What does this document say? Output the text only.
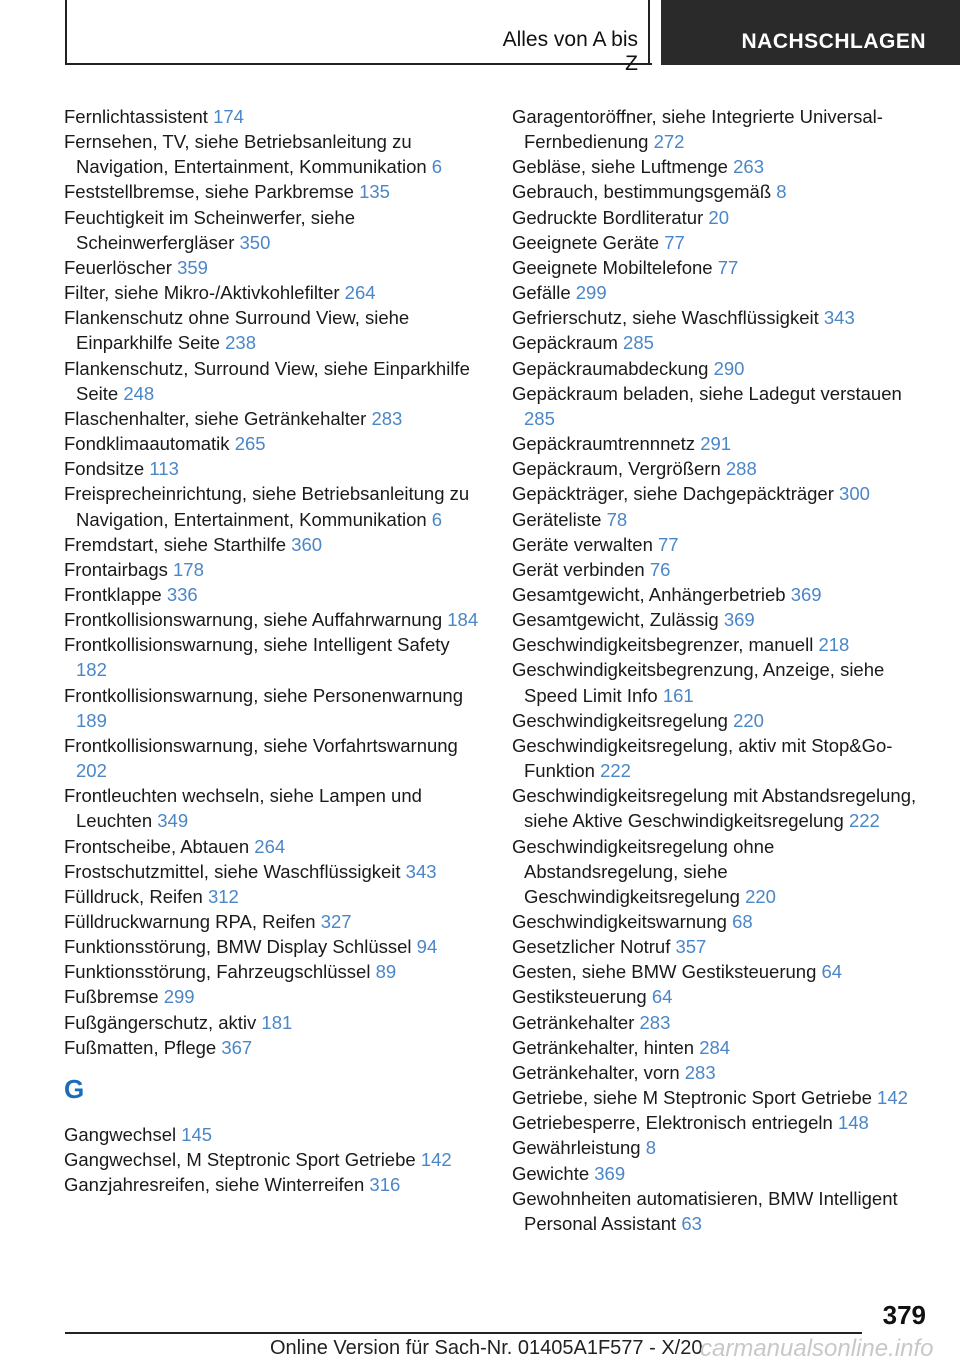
Alles von A bis Z
NACHSCHLAGEN
Fernlichtassistent 174
Fernsehen, TV, siehe Betriebsanleitung zu Navigation, Entertainment, Kommunikation 6
Feststellbremse, siehe Parkbremse 135
Feuchtigkeit im Scheinwerfer, siehe Scheinwerfergläser 350
Feuerlöscher 359
Filter, siehe Mikro-/Aktivkohlefilter 264
Flankenschutz ohne Surround View, siehe Einparkhilfe Seite 238
Flankenschutz, Surround View, siehe Einparkhilfe Seite 248
Flaschenhalter, siehe Getränkehalter 283
Fondklimaautomatik 265
Fondsitze 113
Freisprecheinrichtung, siehe Betriebsanleitung zu Navigation, Entertainment, Kommunikation 6
Fremdstart, siehe Starthilfe 360
Frontairbags 178
Frontklappe 336
Frontkollisionswarnung, siehe Auffahrwarnung 184
Frontkollisionswarnung, siehe Intelligent Safety 182
Frontkollisionswarnung, siehe Personenwarnung 189
Frontkollisionswarnung, siehe Vorfahrtswarnung 202
Frontleuchten wechseln, siehe Lampen und Leuchten 349
Frontscheibe, Abtauen 264
Frostschutzmittel, siehe Waschflüssigkeit 343
Fülldruck, Reifen 312
Fülldruckwarnung RPA, Reifen 327
Funktionsstörung, BMW Display Schlüssel 94
Funktionsstörung, Fahrzeugschlüssel 89
Fußbremse 299
Fußgängerschutz, aktiv 181
Fußmatten, Pflege 367
G
Gangwechsel 145
Gangwechsel, M Steptronic Sport Getriebe 142
Ganzjahresreifen, siehe Winterreifen 316
Garagentoröffner, siehe Integrierte Universal-Fernbedienung 272
Gebläse, siehe Luftmenge 263
Gebrauch, bestimmungsgemäß 8
Gedruckte Bordliteratur 20
Geeignete Geräte 77
Geeignete Mobiltelefone 77
Gefälle 299
Gefrierschutz, siehe Waschflüssigkeit 343
Gepäckraum 285
Gepäckraumabdeckung 290
Gepäckraum beladen, siehe Ladegut verstauen 285
Gepäckraumtrennnetz 291
Gepäckraum, Vergrößern 288
Gepäckträger, siehe Dachgepäckträger 300
Geräteliste 78
Geräte verwalten 77
Gerät verbinden 76
Gesamtgewicht, Anhängerbetrieb 369
Gesamtgewicht, Zulässig 369
Geschwindigkeitsbegrenzer, manuell 218
Geschwindigkeitsbegrenzung, Anzeige, siehe Speed Limit Info 161
Geschwindigkeitsregelung 220
Geschwindigkeitsregelung, aktiv mit Stop&Go-Funktion 222
Geschwindigkeitsregelung mit Abstandsregelung, siehe Aktive Geschwindigkeitsregelung 222
Geschwindigkeitsregelung ohne Abstandsregelung, siehe Geschwindigkeitsregelung 220
Geschwindigkeitswarnung 68
Gesetzlicher Notruf 357
Gesten, siehe BMW Gestiksteuerung 64
Gestiksteuerung 64
Getränkehalter 283
Getränkehalter, hinten 284
Getränkehalter, vorn 283
Getriebe, siehe M Steptronic Sport Getriebe 142
Getriebesperre, Elektronisch entriegeln 148
Gewährleistung 8
Gewichte 369
Gewohnheiten automatisieren, BMW Intelligent Personal Assistant 63
379
Online Version für Sach-Nr. 01405A1F577 - X/20
carmanualsonline.info
